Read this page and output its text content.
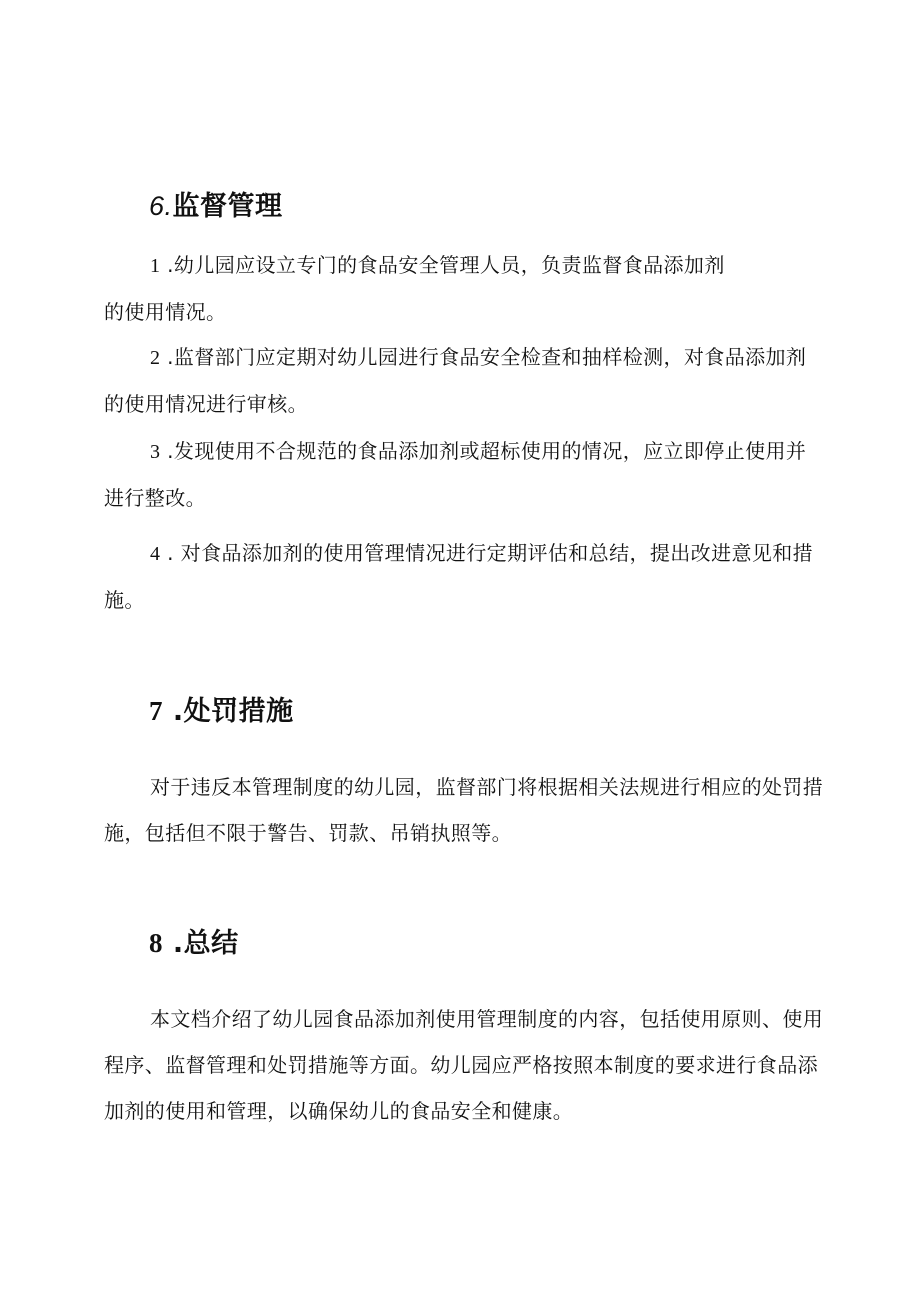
6.监督管理

1 .幼儿园应设立专门的食品安全管理人员，负责监督食品添加剂的使用情况。

2 .监督部门应定期对幼儿园进行食品安全检查和抽样检测，对食品添加剂的使用情况进行审核。

3 .发现使用不合规范的食品添加剂或超标使用的情况，应立即停止使用并进行整改。

4 . 对食品添加剂的使用管理情况进行定期评估和总结，提出改进意见和措施。

7 .处罚措施

对于违反本管理制度的幼儿园，监督部门将根据相关法规进行相应的处罚措施，包括但不限于警告、罚款、吊销执照等。

8 .总结

本文档介绍了幼儿园食品添加剂使用管理制度的内容，包括使用原则、使用程序、监督管理和处罚措施等方面。幼儿园应严格按照本制度的要求进行食品添加剂的使用和管理，以确保幼儿的食品安全和健康。
